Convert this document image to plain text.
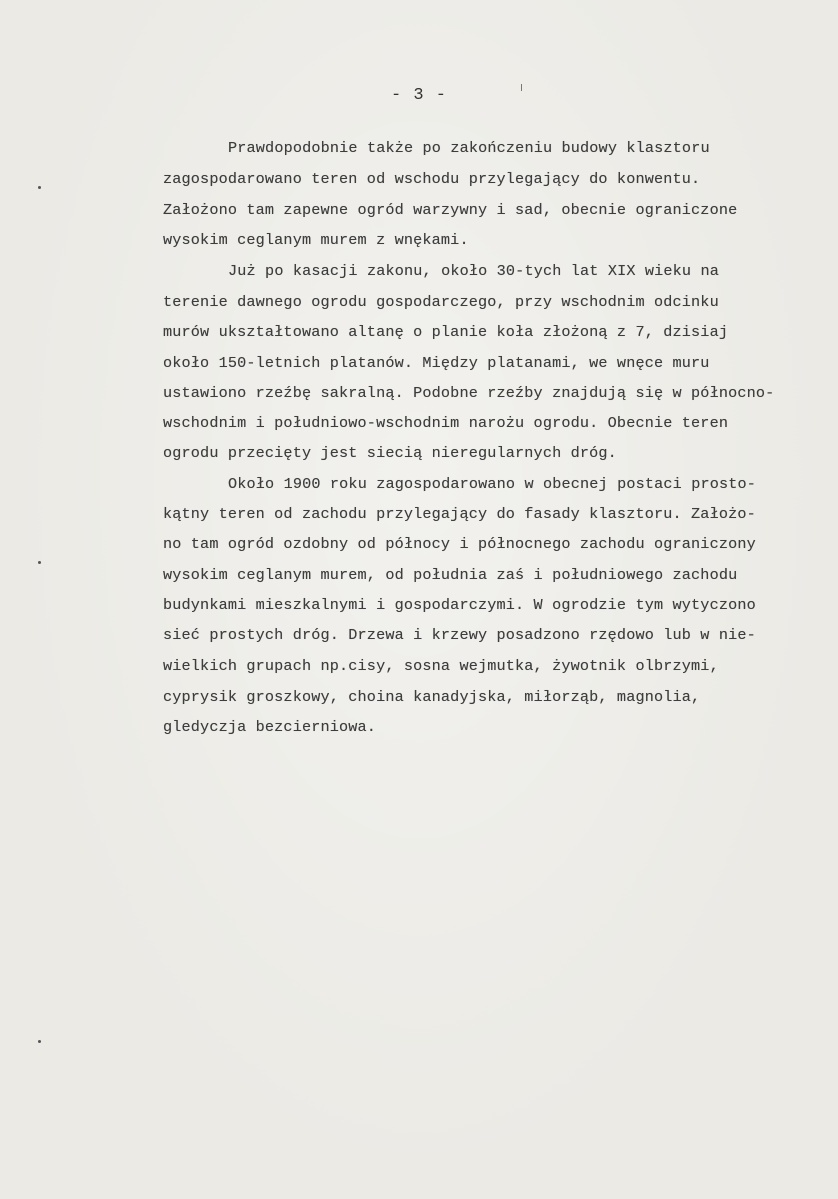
- 3 -
Prawdopodobnie także po zakończeniu budowy klasztoru
zagospodarowano teren od wschodu przylegający do konwentu.
Założono tam zapewne ogród warzywny i sad, obecnie ograniczone
wysokim ceglanym murem z wnękami.
Już po kasacji zakonu, około 30-tych lat XIX wieku na
terenie dawnego ogrodu gospodarczego, przy wschodnim odcinku
murów ukształtowano altanę o planie koła złożoną z 7, dzisiaj
około 150-letnich platanów. Między platanami, we wnęce muru
ustawiono rzeźbę sakralną. Podobne rzeźby znajdują się w północno-
wschodnim i południowo-wschodnim narożu ogrodu. Obecnie teren
ogrodu przecięty jest siecią nieregularnych dróg.
Około 1900 roku zagospodarowano w obecnej postaci prosto-
kątny teren od zachodu przylegający do fasady klasztoru. Założo-
no tam ogród ozdobny od północy i północnego zachodu ograniczony
wysokim ceglanym murem, od południa zaś i południowego zachodu
budynkami mieszkalnymi i gospodarczymi. W ogrodzie tym wytyczono
sieć prostych dróg. Drzewa i krzewy posadzono rzędowo lub w nie-
wielkich grupach np.cisy, sosna wejmutka, żywotnik olbrzymi,
cyprysik groszkowy, choina kanadyjska, miłorząb, magnolia,
gledyczja bezcierniowa.
